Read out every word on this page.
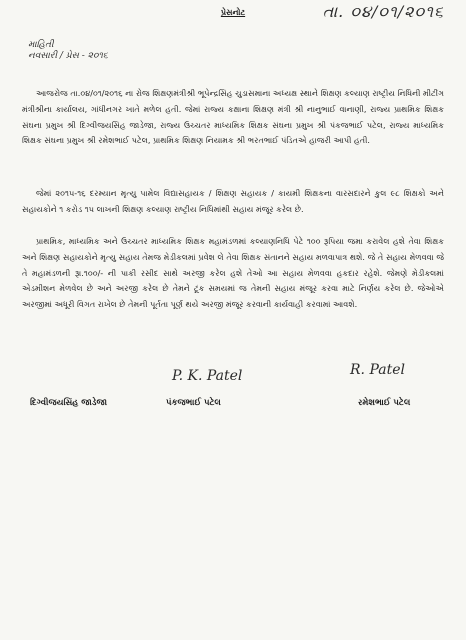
પ્રેસનોટ	તા. ૦૪/૦૧/૨૦૧૬
માહિતી
નવસારી / પ્રેસ - ૨૦૧૬

આજરોજ તા.૦૪/૦૧/૨૦૧૬ ના રોજ શિક્ષણમંત્રીશ્રી ભૂપેન્દ્રસિંહ ચુડાસમાના અધ્યક્ષ સ્થાને શિક્ષણ કલ્યાણ રાષ્ટ્રીય નિધિની મીટીંગ મંત્રીશ્રીના કાર્યાલય, ગાંધીનગર ખાતે મળેલ હતી. જેમાં રાજ્ય કક્ષાના શિક્ષણ મંત્રી શ્રી નાનુભાઈ વાનાણી, રાજ્ય પ્રાથમિક શિક્ષક સંઘના પ્રમુખ શ્રી દિગ્વીજયસિંહ જાડેજા, રાજ્ય ઉચ્ચતર માધ્યમિક શિક્ષક સંઘના પ્રમુખ શ્રી પંકજભાઈ પટેલ, રાજ્ય માધ્યમિક શિક્ષક સંઘના પ્રમુખ શ્રી રમેશભાઈ પટેલ, પ્રાથમિક શિક્ષણ નિયામક શ્રી ભરતભાઈ પંડિતએ હાજરી આપી હતી.

જેમાં ૨૦૧૫-૧૬ દરમ્યાન મૃત્યુ પામેલ વિદ્યાસહાયક / શિક્ષણ સહાયક / કાયમી શિક્ષકના વારસદારને કુલ ૯૮ શિક્ષકો અને સહાયકોને ૧ કરોડ ૧૫ લાખની શિક્ષણ કલ્યાણ રાષ્ટ્રીય નિધિમાંથી સહાય મંજૂર કરેલ છે.

પ્રાથમિક, માધ્યમિક અને ઉચ્ચતર માધ્યમિક શિક્ષક મહામંડળમાં કલ્યાણનિધિ પેટે ૧૦૦ રૂપિયા જમા કરાવેલ હશે તેવા શિક્ષક અને શિક્ષણ સહાયકોને મૃત્યુ સહાય તેમજ મેડીકલમાં પ્રવેશ લે તેવા શિક્ષક સંતાનને સહાય મળવાપાત્ર થશે. જે તે સહાય મેળવવા જે તે મહામંડળની રૂા.૧૦૦/- ની પાકી રસીદ સાથે અરજી કરેલ હશે તેઓ આ સહાય મેળવવા હકદાર રહેશે. જેમણે મેડીકલમાં એડમીશન મેળવેલ છે અને અરજી કરેલ છે તેમને ટૂંક સમયમાં જ તેમની સહાય મંજૂર કરવા માટે નિર્ણય કરેલ છે. જેઓએ અરજીમાં અધૂરી વિગત રાખેલ છે તેમની પૂર્તતા પૂર્ણ થયે અરજી મંજૂર કરવાની કાર્યવાહી કરવામાં આવશે.

P. K. Patel	R. Patel
દિગ્વીજયસિંહ જાડેજા	પંકજભાઈ પટેલ	રમેશભાઈ પટેલ
